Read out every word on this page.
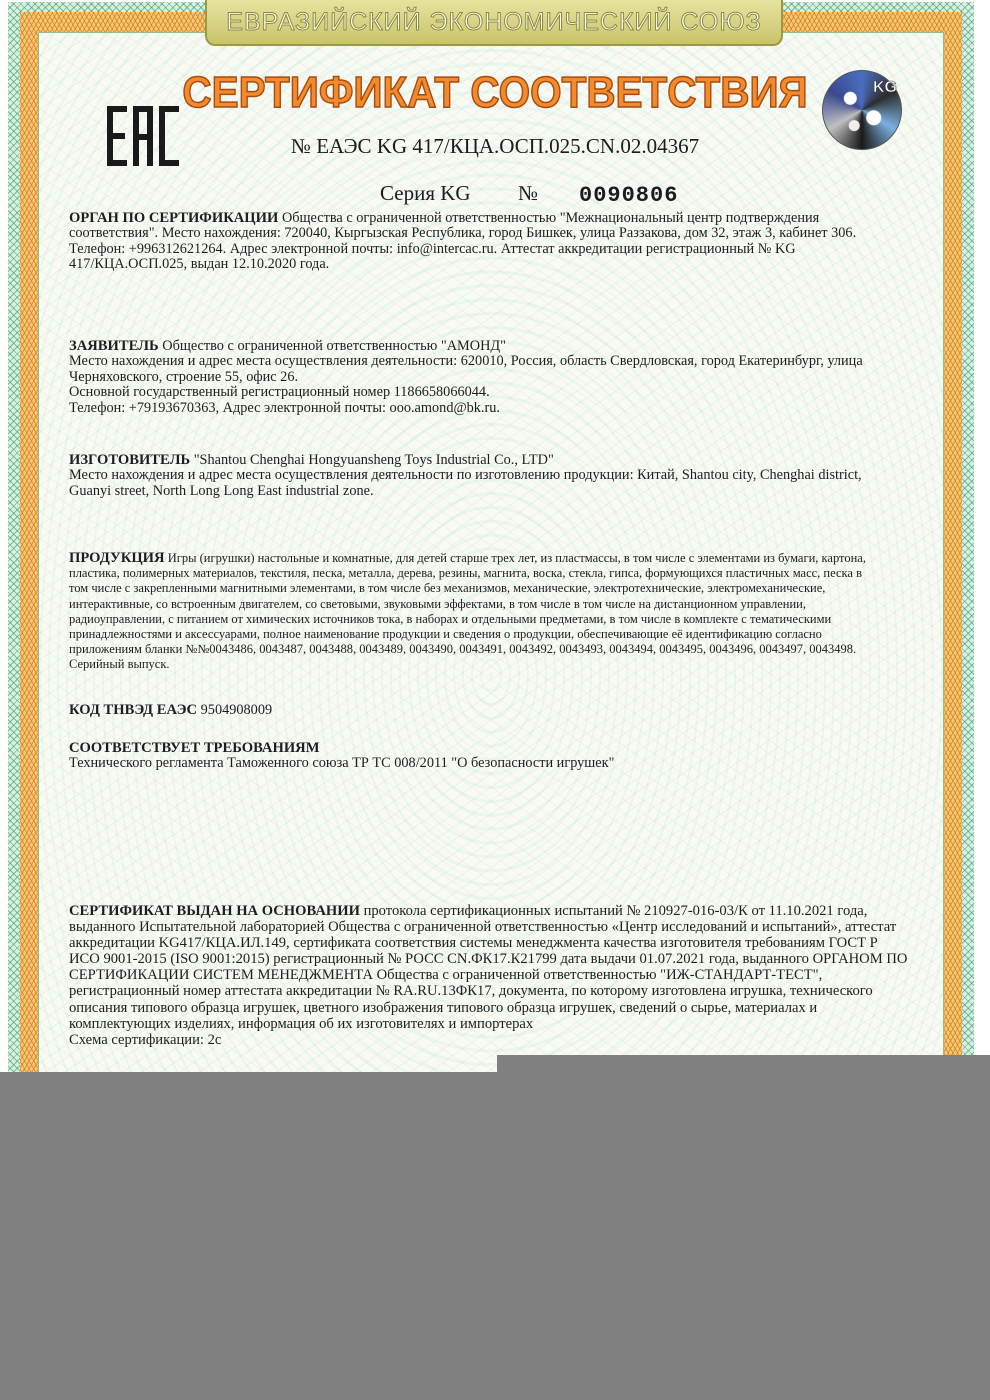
ЕВРАЗИЙСКИЙ ЭКОНОМИЧЕСКИЙ СОЮЗ
СЕРТИФИКАТ СООТВЕТСТВИЯ	KG
№ ЕАЭС KG 417/КЦА.ОСП.025.CN.02.04367
Серия KG № 0090806

ОРГАН ПО СЕРТИФИКАЦИИ Общества с ограниченной ответственностью "Межнациональный центр подтверждения

соответствия". Место нахождения: 720040, Кыргызская Республика, город Бишкек, улица Раззакова, дом 32, этаж 3, кабинет 306.

Телефон: +996312621264. Адрес электронной почты: info@intercac.ru. Аттестат аккредитации регистрационный № KG

417/КЦА.ОСП.025, выдан 12.10.2020 года.

ЗАЯВИТЕЛЬ Общество с ограниченной ответственностью "АМОНД"

Место нахождения и адрес места осуществления деятельности: 620010, Россия, область Свердловская, город Екатеринбург, улица

Черняховского, строение 55, офис 26.

Основной государственный регистрационный номер 1186658066044.

Телефон: +79193670363, Адрес электронной почты: ooo.amond@bk.ru.

ИЗГОТОВИТЕЛЬ "Shantou Chenghai Hongyuansheng Toys Industrial Co., LTD"

Место нахождения и адрес места осуществления деятельности по изготовлению продукции: Китай, Shantou city, Chenghai district,

Guanyi street, North Long Long East industrial zone.

ПРОДУКЦИЯ Игры (игрушки) настольные и комнатные, для детей старше трех лет, из пластмассы, в том числе с элементами из бумаги, картона,

пластика, полимерных материалов, текстиля, песка, металла, дерева, резины, магнита, воска, стекла, гипса, формующихся пластичных масс, песка в

том числе с закрепленными магнитными элементами, в том числе без механизмов, механические, электротехнические, электромеханические,

интерактивные, со встроенным двигателем, со световыми, звуковыми эффектами, в том числе в том числе на дистанционном управлении,

радиоуправлении, с питанием от химических источников тока, в наборах и отдельными предметами, в том числе в комплекте с тематическими

принадлежностями и аксессуарами, полное наименование продукции и сведения о продукции, обеспечивающие её идентификацию согласно

приложениям бланки №№0043486, 0043487, 0043488, 0043489, 0043490, 0043491, 0043492, 0043493, 0043494, 0043495, 0043496, 0043497, 0043498.

Серийный выпуск.

КОД ТНВЭД ЕАЭС 9504908009

СООТВЕТСТВУЕТ ТРЕБОВАНИЯМ

Технического регламента Таможенного союза ТР ТС 008/2011 "О безопасности игрушек"

СЕРТИФИКАТ ВЫДАН НА ОСНОВАНИИ протокола сертификационных испытаний № 210927-016-03/К от 11.10.2021 года,

выданного Испытательной лабораторией Общества с ограниченной ответственностью «Центр исследований и испытаний», аттестат

аккредитации KG417/КЦА.ИЛ.149, сертификата соответствия системы менеджмента качества изготовителя требованиям ГОСТ Р

ИСО 9001-2015 (ISO 9001:2015) регистрационный № РОСС CN.ФК17.К21799 дата выдачи 01.07.2021 года, выданного ОРГАНОМ ПО

СЕРТИФИКАЦИИ СИСТЕМ МЕНЕДЖМЕНТА Общества с ограниченной ответственностью "ИЖ-СТАНДАРТ-ТЕСТ",

регистрационный номер аттестата аккредитации № RA.RU.13ФК17, документа, по которому изготовлена игрушка, технического

описания типового образца игрушек, цветного изображения типового образца игрушек, сведений о сырье, материалах и

комплектующих изделиях, информация об их изготовителях и импортерах

Схема сертификации: 2с
